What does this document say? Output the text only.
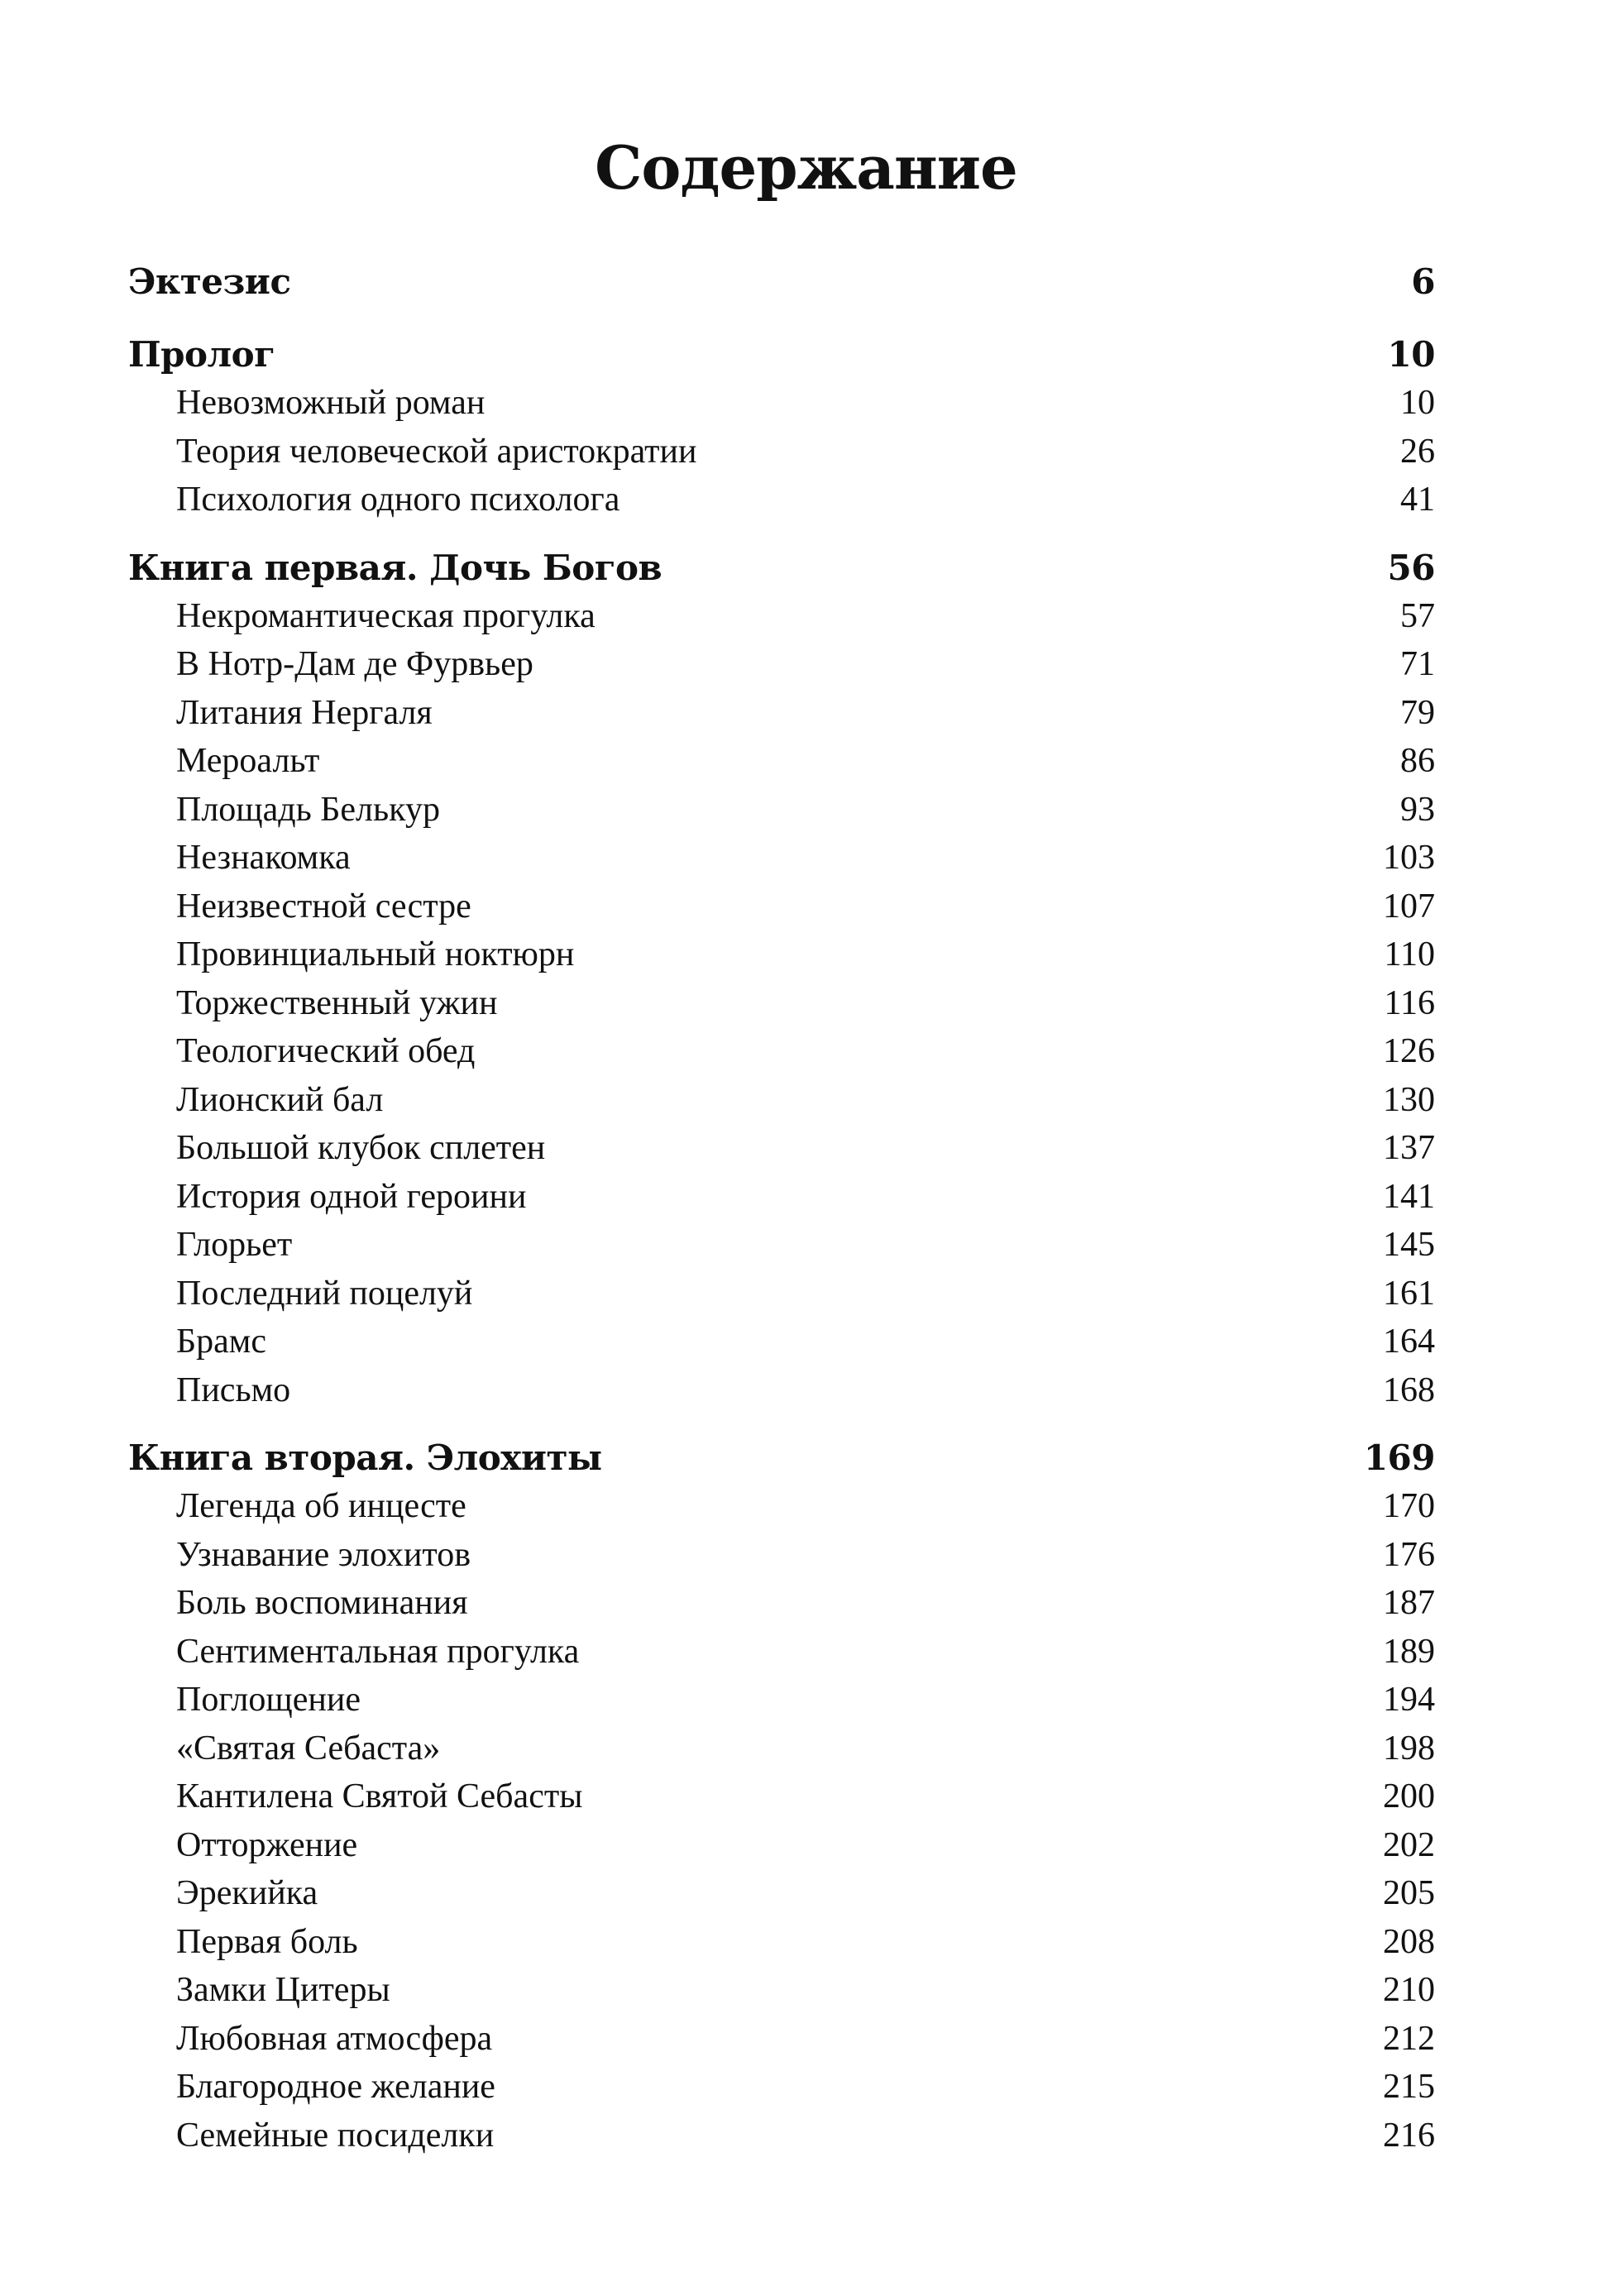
Содержание
Эктезис	6
Пролог	10
Невозможный роман	10
Теория человеческой аристократии	26
Психология одного психолога	41
Книга первая. Дочь Богов	56
Некромантическая прогулка	57
В Нотр-Дам де Фурвьер	71
Литания Нергаля	79
Мероальт	86
Площадь Белькур	93
Незнакомка	103
Неизвестной сестре	107
Провинциальный ноктюрн	110
Торжественный ужин	116
Теологический обед	126
Лионский бал	130
Большой клубок сплетен	137
История одной героини	141
Глорьет	145
Последний поцелуй	161
Брамс	164
Письмо	168
Книга вторая. Элохиты	169
Легенда об инцесте	170
Узнавание элохитов	176
Боль воспоминания	187
Сентиментальная прогулка	189
Поглощение	194
«Святая Себаста»	198
Кантилена Святой Себасты	200
Отторжение	202
Эрекийка	205
Первая боль	208
Замки Цитеры	210
Любовная атмосфера	212
Благородное желание	215
Семейные посиделки	216
